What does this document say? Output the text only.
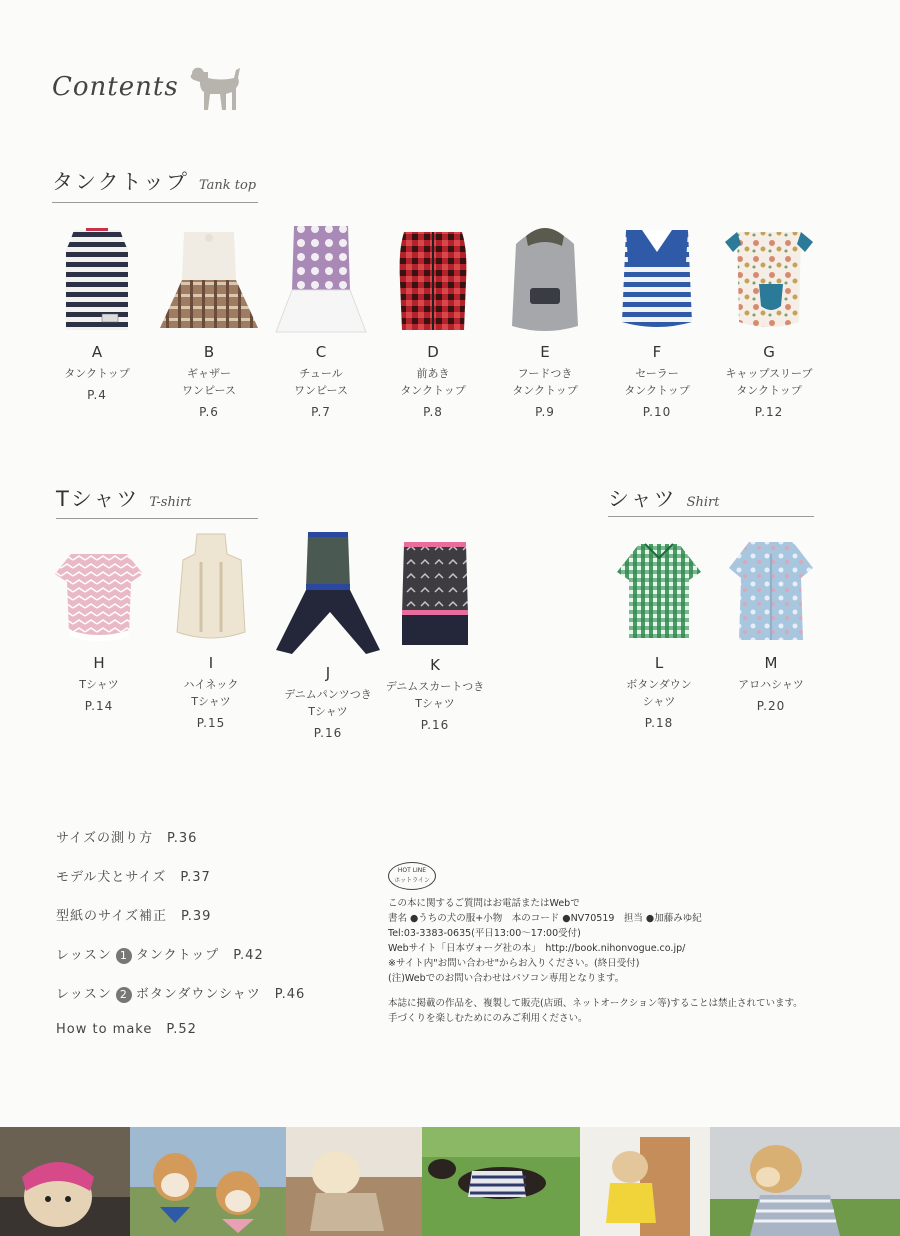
Contents
タンクトップ Tank top
A
タンクトップ
P.4
B
ギャザー
ワンピース
P.6
C
チュール
ワンピース
P.7
D
前あき
タンクトップ
P.8
E
フードつき
タンクトップ
P.9
F
セーラー
タンクトップ
P.10
G
キャップスリーブ
タンクトップ
P.12
Tシャツ T-shirt	シャツ Shirt
H
Tシャツ
P.14
I
ハイネック
Tシャツ
P.15
J
デニムパンツつき
Tシャツ
P.16
K
デニムスカートつき
Tシャツ
P.16
L
ボタンダウン
シャツ
P.18
M
アロハシャツ
P.20
サイズの測り方 P.36
モデル犬とサイズ P.37
型紙のサイズ補正 P.39
レッスン 1 タンクトップ P.42
レッスン 2 ボタンダウンシャツ P.46
How to make P.52
HOT LINE
ホットライン

この本に関するご質問はお電話またはWebで

書名 ●うちの犬の服+小物　本のコード ●NV70519　担当 ●加藤みゆ紀

Tel:03-3383-0635(平日13:00～17:00受付)

Webサイト「日本ヴォーグ社の本」　http://book.nihonvogue.co.jp/

※サイト内"お問い合わせ"からお入りください。(終日受付)

(注)Webでのお問い合わせはパソコン専用となります。

本誌に掲載の作品を、複製して販売(店頭、ネットオークション等)することは禁止されています。

手づくりを楽しむためにのみご利用ください。
